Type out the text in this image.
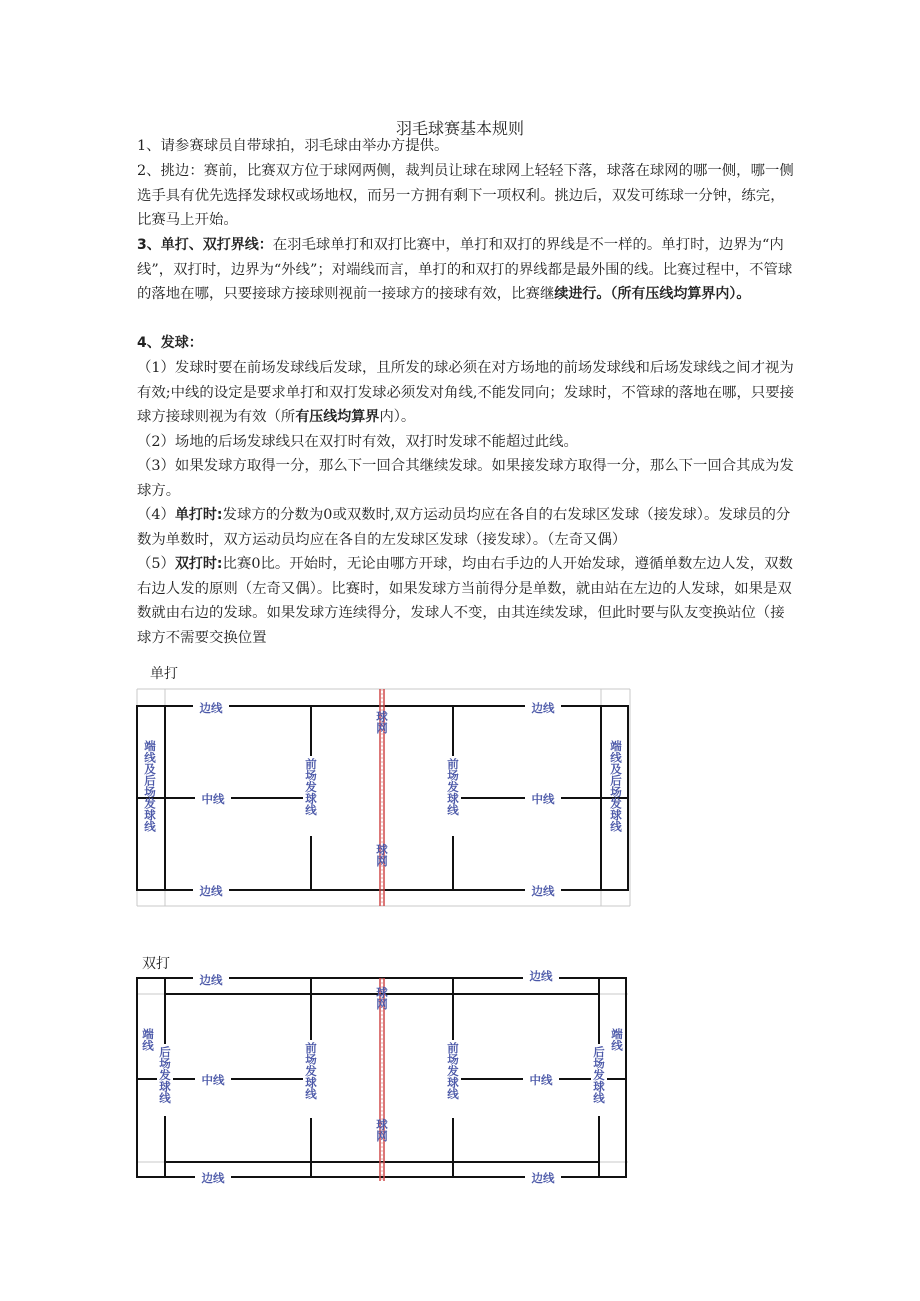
羽毛球赛基本规则
1、请参赛球员自带球拍，羽毛球由举办方提供。
2、挑边：赛前，比赛双方位于球网两侧，裁判员让球在球网上轻轻下落，球落在球网的哪一侧，哪一侧选手具有优先选择发球权或场地权，而另一方拥有剩下一项权利。挑边后，双发可练球一分钟，练完，比赛马上开始。
3、单打、双打界线：在羽毛球单打和双打比赛中，单打和双打的界线是不一样的。单打时，边界为“内线”，双打时，边界为“外线”；对端线而言，单打的和双打的界线都是最外围的线。比赛过程中，不管球的落地在哪，只要接球方接球则视前一接球方的接球有效，比赛继续进行。（所有压线均算界内）。
4、发球：
（1）发球时要在前场发球线后发球，且所发的球必须在对方场地的前场发球线和后场发球线之间才视为有效;中线的设定是要求单打和双打发球必须发对角线,不能发同向；发球时，不管球的落地在哪，只要接球方接球则视为有效（所有压线均算界内）。
（2）场地的后场发球线只在双打时有效，双打时发球不能超过此线。
（3）如果发球方取得一分，那么下一回合其继续发球。如果接发球方取得一分，那么下一回合其成为发球方。
（4）单打时:发球方的分数为0或双数时,双方运动员均应在各自的右发球区发球（接发球）。发球员的分数为单数时，双方运动员均应在各自的左发球区发球（接发球）。（左奇又偶）
（5）双打时:比赛0比。开始时，无论由哪方开球，均由右手边的人开始发球，遵循单数左边人发，双数右边人发的原则（左奇又偶）。比赛时，如果发球方当前得分是单数，就由站在左边的人发球，如果是双数就由右边的发球。如果发球方连续得分，发球人不变，由其连续发球，但此时要与队友变换站位（接球方不需要交换位置
单打
边线	边线
边线	边线
中线	中线
球网
球网
前场发球线	前场发球线
端线及后场发球线	端线及后场发球线
双打
边线	边线
边线	边线
中线	中线
球网
球网
前场发球线	前场发球线
后场发球线	后场发球线
端线	端线
